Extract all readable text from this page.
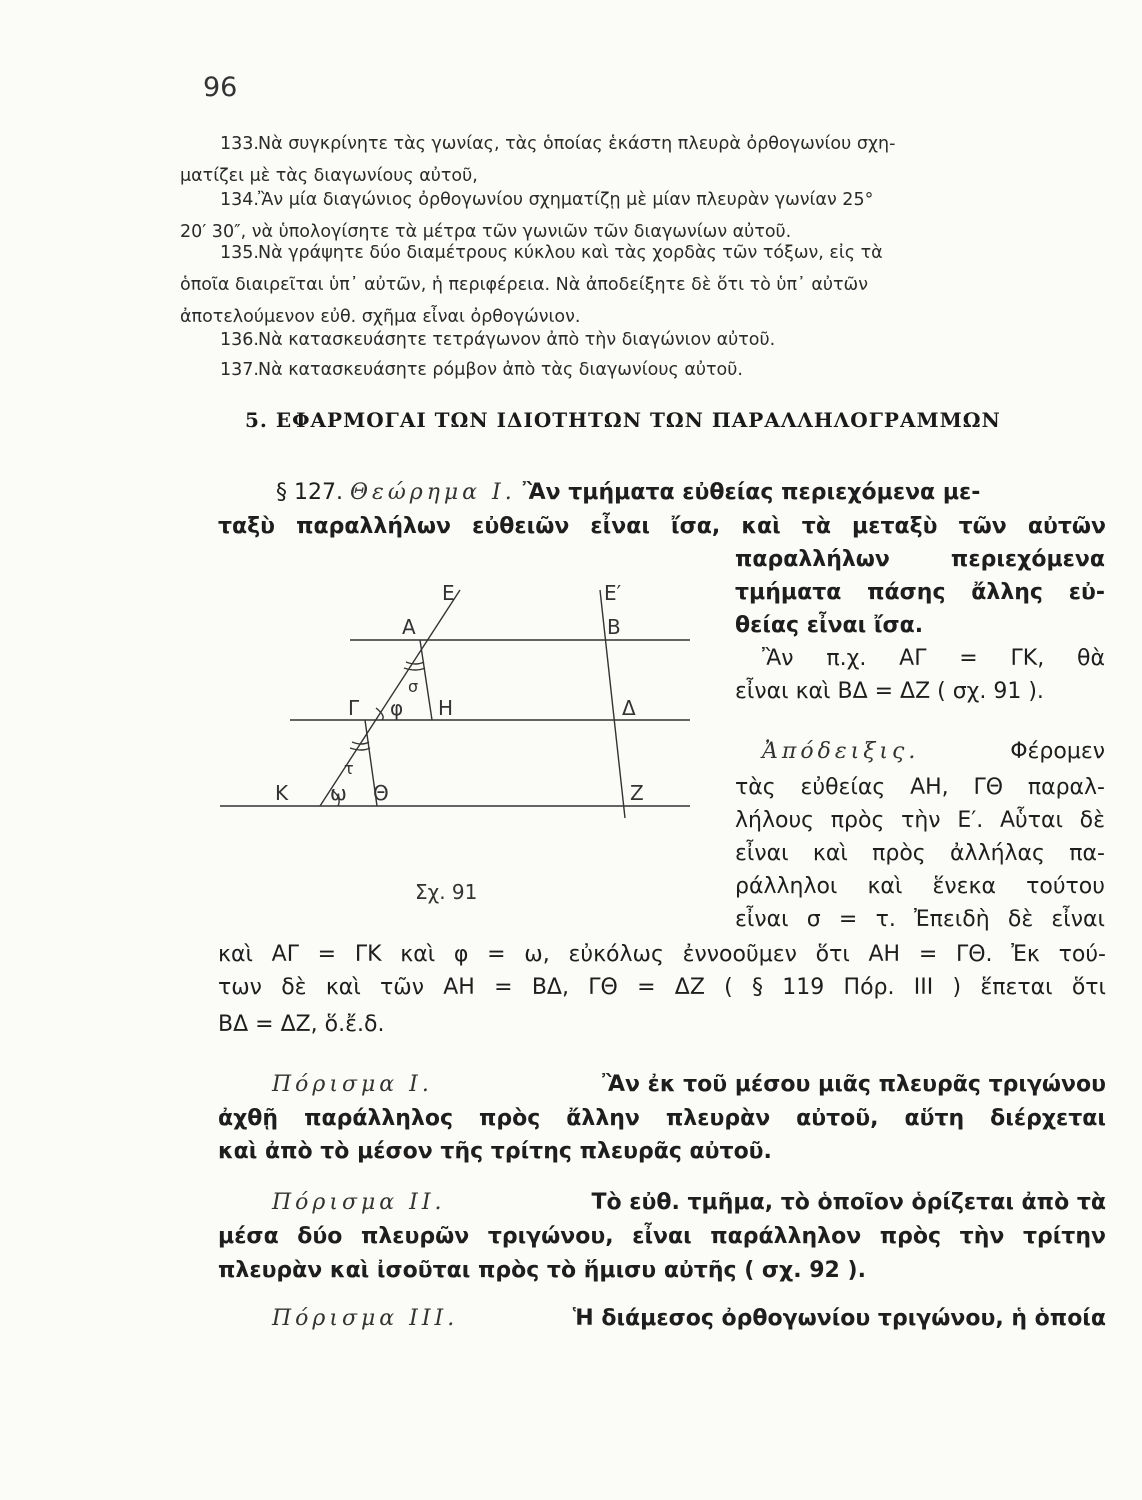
96
133.Νὰ συγκρίνητε τὰς γωνίας, τὰς ὁποίας ἑκάστη πλευρὰ ὀρθογωνίου σχη-
ματίζει μὲ τὰς διαγωνίους αὐτοῦ,
134.Ἂν μία διαγώνιος ὀρθογωνίου σχηματίζῃ μὲ μίαν πλευρὰν γωνίαν 25°
20′ 30″, νὰ ὑπολογίσητε τὰ μέτρα τῶν γωνιῶν τῶν διαγωνίων αὐτοῦ.
135.Νὰ γράψητε δύο διαμέτρους κύκλου καὶ τὰς χορδὰς τῶν τόξων, εἰς τὰ
ὁποῖα διαιρεῖται ὑπ᾽ αὐτῶν, ἡ περιφέρεια. Νὰ ἀποδείξητε δὲ ὅτι τὸ ὑπ᾽ αὐτῶν
ἀποτελούμενον εὐθ. σχῆμα εἶναι ὀρθογώνιον.
136.Νὰ κατασκευάσητε τετράγωνον ἀπὸ τὴν διαγώνιον αὐτοῦ.
137.Νὰ κατασκευάσητε ρόμβον ἀπὸ τὰς διαγωνίους αὐτοῦ.
5. ΕΦΑΡΜΟΓΑΙ ΤΩΝ ΙΔΙΟΤΗΤΩΝ ΤΩΝ ΠΑΡΑΛΛΗΛΟΓΡΑΜΜΩΝ
§ 127. Θεώρημα Ι. Ἂν τμήματα εὐθείας περιεχόμενα με-
ταξὺ παραλλήλων εὐθειῶν εἶναι ἴσα, καὶ τὰ μεταξὺ τῶν αὐτῶν
παραλλήλων περιεχόμενα
τμήματα πάσης ἄλλης εὐ-
θείας εἶναι ἴσα.
Ἂν π.χ. ΑΓ = ΓΚ, θὰ
εἶναι καὶ ΒΔ = ΔΖ ( σχ. 91 ).
Ἀπόδειξις.	Φέρομεν
τὰς εὐθείας ΑΗ, ΓΘ παραλ-
λήλους πρὸς τὴν Ε′. Αὗται δὲ
εἶναι καὶ πρὸς ἀλλήλας πα-
ράλληλοι καὶ ἕνεκα τούτου
εἶναι σ = τ. Ἐπειδὴ δὲ εἶναι
καὶ ΑΓ = ΓΚ καὶ φ = ω, εὐκόλως ἐννοοῦμεν ὅτι ΑΗ = ΓΘ. Ἐκ τού-
των δὲ καὶ τῶν ΑΗ = ΒΔ, ΓΘ = ΔΖ ( § 119 Πόρ. ΙΙΙ ) ἕπεται ὅτι
ΒΔ = ΔΖ, ὅ.ἔ.δ.
Ε	Ε′
Α	Β
σ
Γ φ Η	Δ
τ
Κ ω Θ	Ζ
Σχ. 91
Πόρισμα Ι.	Ἂν ἐκ τοῦ μέσου μιᾶς πλευρᾶς τριγώνου
ἀχθῇ παράλληλος πρὸς ἄλλην πλευρὰν αὐτοῦ, αὕτη διέρχεται
καὶ ἀπὸ τὸ μέσον τῆς τρίτης πλευρᾶς αὐτοῦ.
Πόρισμα ΙΙ.	Τὸ εὐθ. τμῆμα, τὸ ὁποῖον ὁρίζεται ἀπὸ τὰ
μέσα δύο πλευρῶν τριγώνου, εἶναι παράλληλον πρὸς τὴν τρίτην
πλευρὰν καὶ ἰσοῦται πρὸς τὸ ἥμισυ αὐτῆς ( σχ. 92 ).
Πόρισμα ΙΙΙ.	Ἡ διάμεσος ὀρθογωνίου τριγώνου, ἡ ὁποία
